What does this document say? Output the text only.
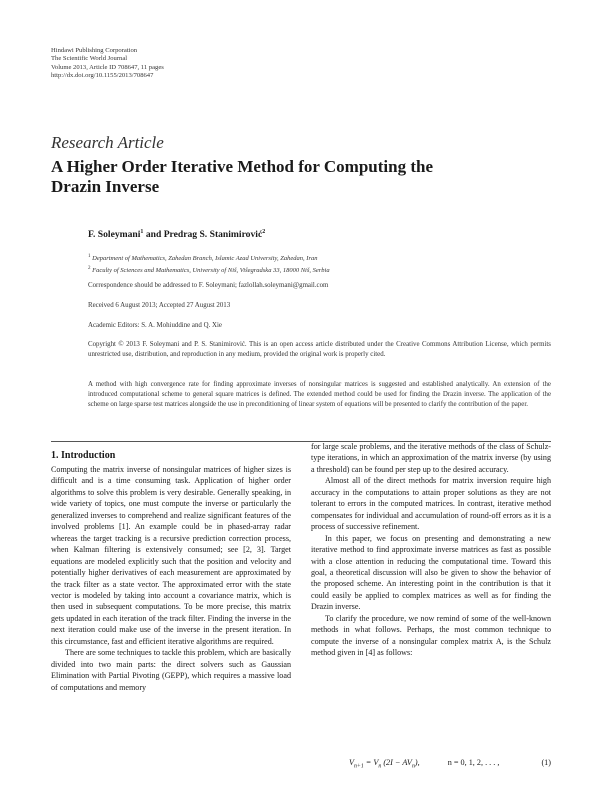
Hindawi Publishing Corporation
The Scientific World Journal
Volume 2013, Article ID 708647, 11 pages
http://dx.doi.org/10.1155/2013/708647
Research Article
A Higher Order Iterative Method for Computing the Drazin Inverse
F. Soleymani$^1$ and Predrag S. Stanimirović$^2$
$^1$ Department of Mathematics, Zahedan Branch, Islamic Azad University, Zahedan, Iran
$^2$ Faculty of Sciences and Mathematics, University of Niš, Višegradska 33, 18000 Niš, Serbia
Correspondence should be addressed to F. Soleymani; fazlollah.soleymani@gmail.com
Received 6 August 2013; Accepted 27 August 2013
Academic Editors: S. A. Mohiuddine and Q. Xie
Copyright © 2013 F. Soleymani and P. S. Stanimirović. This is an open access article distributed under the Creative Commons Attribution License, which permits unrestricted use, distribution, and reproduction in any medium, provided the original work is properly cited.
A method with high convergence rate for finding approximate inverses of nonsingular matrices is suggested and established analytically. An extension of the introduced computational scheme to general square matrices is defined. The extended method could be used for finding the Drazin inverse. The application of the scheme on large sparse test matrices alongside the use in preconditioning of linear system of equations will be presented to clarify the contribution of the paper.
1. Introduction

Computing the matrix inverse of nonsingular matrices of higher sizes is difficult and is a time consuming task. Application of higher order algorithms to solve this problem is very desirable. Generally speaking, in wide variety of topics, one must compute the inverse or particularly the generalized inverses to comprehend and realize significant features of the involved problems [1]. An example could be in phased-array radar whereas the target tracking is a recursive prediction correction process, when Kalman filtering is extensively consumed; see [2, 3]. Target equations are modeled explicitly such that the position and velocity and potentially higher derivatives of each measurement are approximated by the track filter as a state vector. The approximated error with the state vector is modeled by taking into account a covariance matrix, which is then used in subsequent computations. To be more precise, this matrix gets updated in each iteration of the track filter. Finding the inverse in the next iteration could make use of the inverse in the present iteration. In this circumstance, fast and efficient iterative algorithms are required.

There are some techniques to tackle this problem, which are basically divided into two main parts: the direct solvers such as Gaussian Elimination with Partial Pivoting (GEPP), which requires a massive load of computations and memory

for large scale problems, and the iterative methods of the class of Schulz-type iterations, in which an approximation of the matrix inverse (by using a threshold) can be found per step up to the desired accuracy.

Almost all of the direct methods for matrix inversion require high accuracy in the computations to attain proper solutions as they are not tolerant to errors in the computed matrices. In contrast, iterative method compensates for individual and accumulation of round-off errors as it is a process of successive refinement.

In this paper, we focus on presenting and demonstrating a new iterative method to find approximate inverse matrices as fast as possible with a close attention in reducing the computational time. Toward this goal, a theoretical discussion will also be given to show the behavior of the proposed scheme. An interesting point in the contribution is that it could easily be applied to complex matrices as well as for finding the Drazin inverse.

To clarify the procedure, we now remind of some of the well-known methods in what follows. Perhaps, the most common technique to compute the inverse of a nonsingular complex matrix A, is the Schulz method given in [4] as follows:

$V_{n+1} = V_n$ $(2I - AV_n)$,	n = 0, 1, 2, . . . ,	(1)
